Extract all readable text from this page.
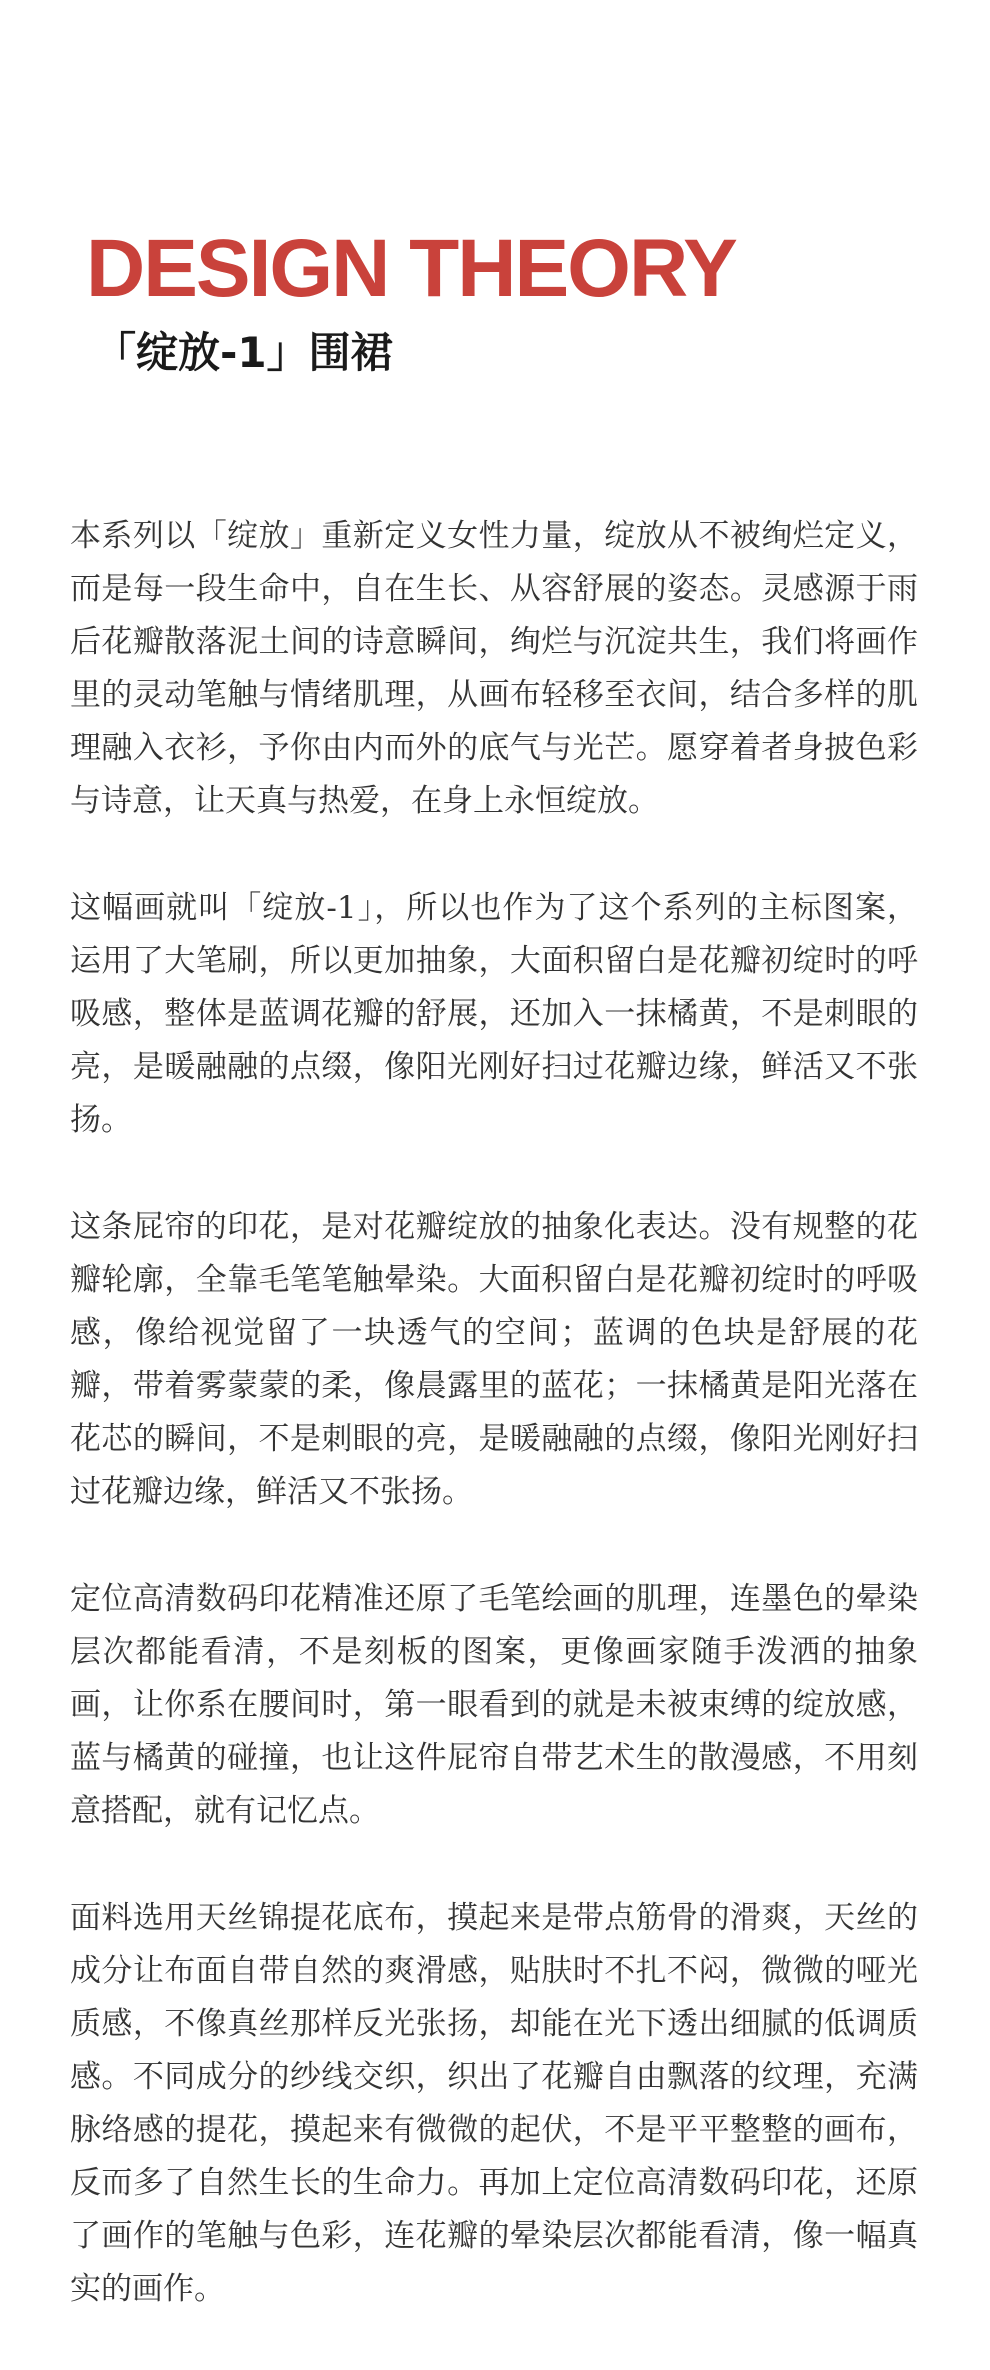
DESIGN THEORY
「绽放-1」围裙

本系列以「绽放」重新定义女性力量，绽放从不被绚烂定义，而是每一段生命中，自在生长、从容舒展的姿态。灵感源于雨后花瓣散落泥土间的诗意瞬间，绚烂与沉淀共生，我们将画作里的灵动笔触与情绪肌理，从画布轻移至衣间，结合多样的肌理融入衣衫，予你由内而外的底气与光芒。愿穿着者身披色彩与诗意，让天真与热爱，在身上永恒绽放。

这幅画就叫「绽放-1」，所以也作为了这个系列的主标图案，运用了大笔刷，所以更加抽象，大面积留白是花瓣初绽时的呼吸感，整体是蓝调花瓣的舒展，还加入一抹橘黄，不是刺眼的亮，是暖融融的点缀，像阳光刚好扫过花瓣边缘，鲜活又不张扬。

这条屁帘的印花，是对花瓣绽放的抽象化表达。没有规整的花瓣轮廓，全靠毛笔笔触晕染。大面积留白是花瓣初绽时的呼吸感，像给视觉留了一块透气的空间；蓝调的色块是舒展的花瓣，带着雾蒙蒙的柔，像晨露里的蓝花；一抹橘黄是阳光落在花芯的瞬间，不是刺眼的亮，是暖融融的点缀，像阳光刚好扫过花瓣边缘，鲜活又不张扬。

定位高清数码印花精准还原了毛笔绘画的肌理，连墨色的晕染层次都能看清，不是刻板的图案，更像画家随手泼洒的抽象画，让你系在腰间时，第一眼看到的就是未被束缚的绽放感，蓝与橘黄的碰撞，也让这件屁帘自带艺术生的散漫感，不用刻意搭配，就有记忆点。

面料选用天丝锦提花底布，摸起来是带点筋骨的滑爽，天丝的成分让布面自带自然的爽滑感，贴肤时不扎不闷，微微的哑光质感，不像真丝那样反光张扬，却能在光下透出细腻的低调质感。不同成分的纱线交织，织出了花瓣自由飘落的纹理，充满脉络感的提花，摸起来有微微的起伏，不是平平整整的画布，反而多了自然生长的生命力。再加上定位高清数码印花，还原了画作的笔触与色彩，连花瓣的晕染层次都能看清，像一幅真实的画作。
